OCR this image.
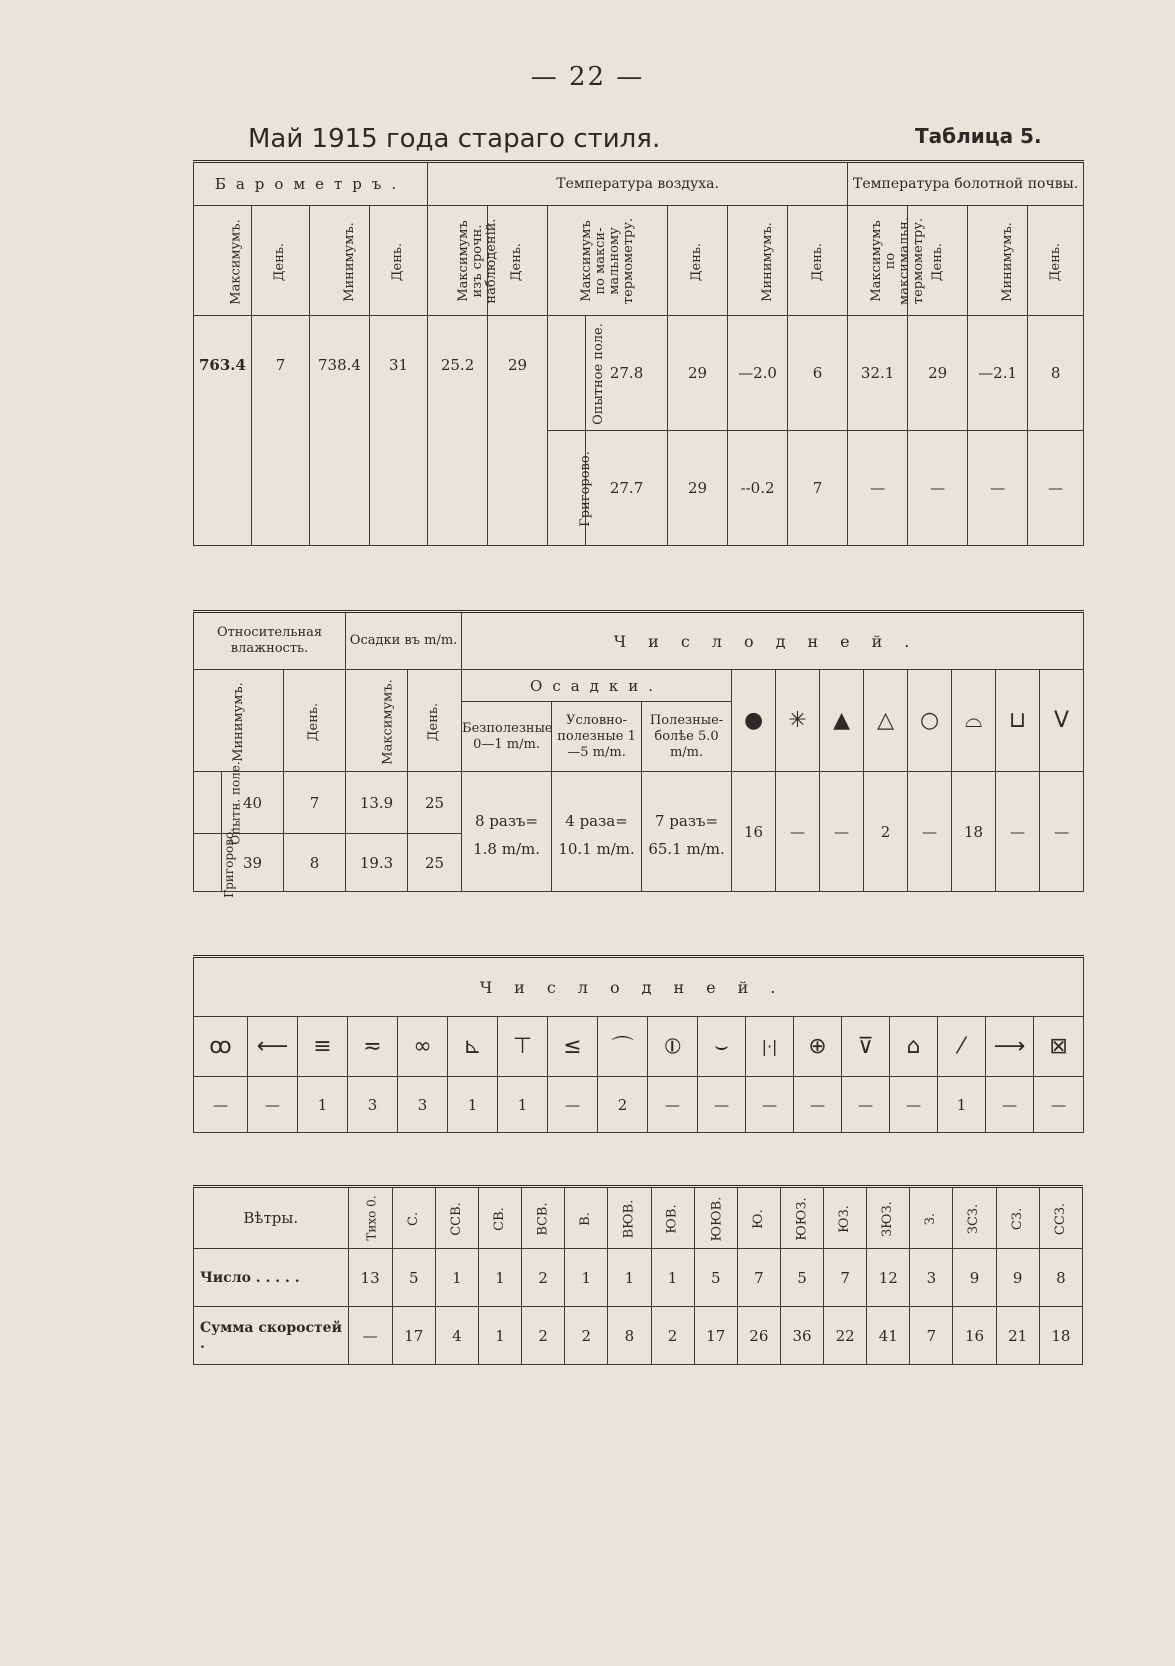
— 22 —
Май 1915 года стараго стиля.	Таблица 5.
Барометръ.				Температура воздуха.							Температура болотной почвы.			
Максимумъ.	День.	Минимумъ.	День.	Максимумъ изъ срочн. наблюденій.	День.	Максимумъ по макси- мальному термометру.		День.	Минимумъ.	День.	Максимумъ по максимальн. термометру.	День.	Минимумъ.	День.
763.4	7	738.4	31	25.2	29	Опытное поле.	27.8	29	—2.0	6	32.1	29	—2.1	8
						Григорово.	27.7	29	--0.2	7	—	—	—	—
Относительная влажность.			Осадки въ m/m.		Числодней.										
Минимумъ.		День.	Максимумъ.	День.	Осадки.			●	✳	▲	△	○	⌓	⊔	V
					Безполезные 0—1 m/m.	Условно- полезные 1—5 m/m.	Полезные- болѣе 5.0 m/m.								
Опытн. поле.	40	7	13.9	25	8 разъ=	4 раза=	7 разъ=	16	—	—	2	—	18	—	—
Григоровo.	39	8	19.3	25	1.8 m/m.	10.1 m/m.	65.1 m/m.								
Числодней.																	
ꝏ	⟵	≡	≂	∞	⊾	⊤	≤	⌒	⦶	⌣	|·|	⊕	⊽	⌂	⁄	⟶	⊠
—	—	1	3	3	1	1	—	2	—	—	—	—	—	—	1	—	—
Вѣтры.	Тихо 0.	С.	ССВ.	СВ.	ВСВ.	В.	ВЮВ.	ЮВ.	ЮЮВ.	Ю.	ЮЮЗ.	ЮЗ.	ЗЮЗ.	З.	ЗСЗ.	СЗ.	ССЗ.
Число . . . . .	13	5	1	1	2	1	1	1	5	7	5	7	12	3	9	9	8
Сумма скоростей .	—	17	4	1	2	2	8	2	17	26	36	22	41	7	16	21	18
